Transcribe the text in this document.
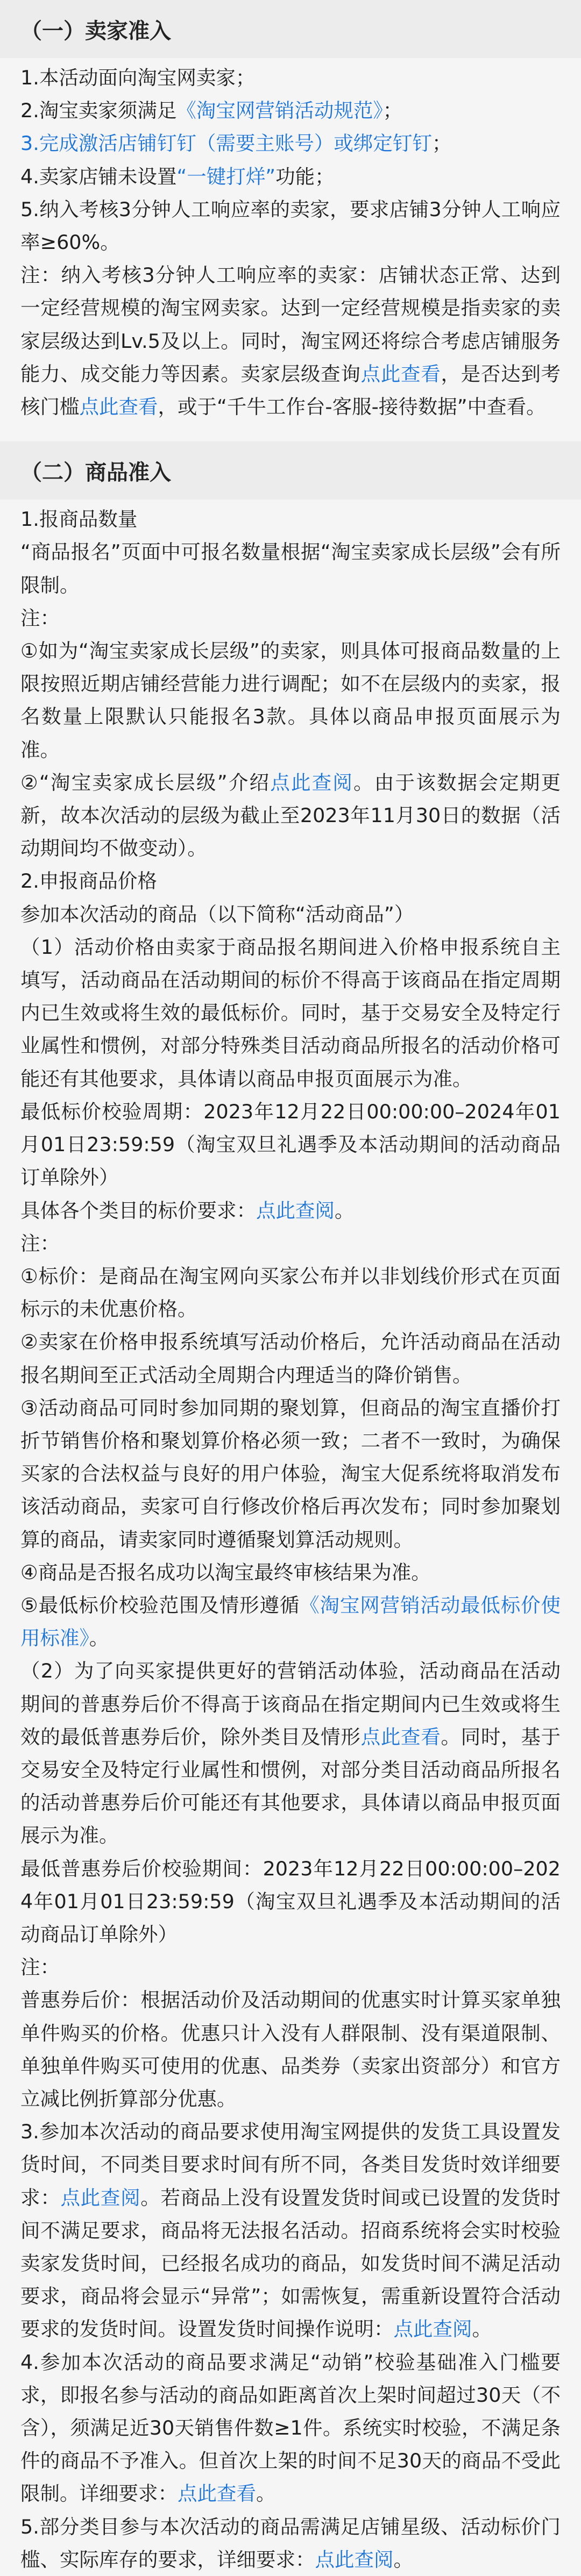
（一）卖家准入

1.本活动面向淘宝网卖家；

2.淘宝卖家须满足《淘宝网营销活动规范》；

3.完成激活店铺钉钉（需要主账号）或绑定钉钉；

4.卖家店铺未设置“一键打烊”功能；

5.纳入考核3分钟人工响应率的卖家，要求店铺3分钟人工响应率≥60%。

注：纳入考核3分钟人工响应率的卖家：店铺状态正常、达到一定经营规模的淘宝网卖家。达到一定经营规模是指卖家的卖家层级达到Lv.5及以上。同时，淘宝网还将综合考虑店铺服务能力、成交能力等因素。卖家层级查询点此查看，是否达到考核门槛点此查看，或于“千牛工作台-客服-接待数据”中查看。

（二）商品准入

1.报商品数量

“商品报名”页面中可报名数量根据“淘宝卖家成长层级”会有所限制。

注：

①如为“淘宝卖家成长层级”的卖家，则具体可报商品数量的上限按照近期店铺经营能力进行调配；如不在层级内的卖家，报名数量上限默认只能报名3款。具体以商品申报页面展示为准。

②“淘宝卖家成长层级”介绍点此查阅。由于该数据会定期更新，故本次活动的层级为截止至2023年11月30日的数据（活动期间均不做变动）。

2.申报商品价格

参加本次活动的商品（以下简称“活动商品”）

（1）活动价格由卖家于商品报名期间进入价格申报系统自主填写，活动商品在活动期间的标价不得高于该商品在指定周期内已生效或将生效的最低标价。同时，基于交易安全及特定行业属性和惯例，对部分特殊类目活动商品所报名的活动价格可能还有其他要求，具体请以商品申报页面展示为准。

最低标价校验周期：2023年12月22日00:00:00–2024年01月01日23:59:59（淘宝双旦礼遇季及本活动期间的活动商品订单除外）

具体各个类目的标价要求：点此查阅。

注：

①标价：是商品在淘宝网向买家公布并以非划线价形式在页面标示的未优惠价格。

②卖家在价格申报系统填写活动价格后，允许活动商品在活动报名期间至正式活动全周期合内理适当的降价销售。

③活动商品可同时参加同期的聚划算，但商品的淘宝直播价打折节销售价格和聚划算价格必须一致；二者不一致时，为确保买家的合法权益与良好的用户体验，淘宝大促系统将取消发布该活动商品，卖家可自行修改价格后再次发布；同时参加聚划算的商品，请卖家同时遵循聚划算活动规则。

④商品是否报名成功以淘宝最终审核结果为准。

⑤最低标价校验范围及情形遵循《淘宝网营销活动最低标价使用标准》。

（2）为了向买家提供更好的营销活动体验，活动商品在活动期间的普惠券后价不得高于该商品在指定期间内已生效或将生效的最低普惠券后价，除外类目及情形点此查看。同时，基于交易安全及特定行业属性和惯例，对部分类目活动商品所报名的活动普惠券后价可能还有其他要求，具体请以商品申报页面展示为准。

最低普惠券后价校验期间：2023年12月22日00:00:00–2024年01月01日23:59:59（淘宝双旦礼遇季及本活动期间的活动商品订单除外）

注：

普惠券后价：根据活动价及活动期间的优惠实时计算买家单独单件购买的价格。优惠只计入没有人群限制、没有渠道限制、单独单件购买可使用的优惠、品类券（卖家出资部分）和官方立减比例折算部分优惠。

3.参加本次活动的商品要求使用淘宝网提供的发货工具设置发货时间，不同类目要求时间有所不同，各类目发货时效详细要求：点此查阅。若商品上没有设置发货时间或已设置的发货时间不满足要求，商品将无法报名活动。招商系统将会实时校验卖家发货时间，已经报名成功的商品，如发货时间不满足活动要求，商品将会显示“异常”；如需恢复，需重新设置符合活动要求的发货时间。设置发货时间操作说明：点此查阅。

4.参加本次活动的商品要求满足“动销”校验基础准入门槛要求，即报名参与活动的商品如距离首次上架时间超过30天（不含），须满足近30天销售件数≥1件。系统实时校验，不满足条件的商品不予准入。但首次上架的时间不足30天的商品不受此限制。详细要求：点此查看。

5.部分类目参与本次活动的商品需满足店铺星级、活动标价门槛、实际库存的要求，详细要求：点此查阅。
